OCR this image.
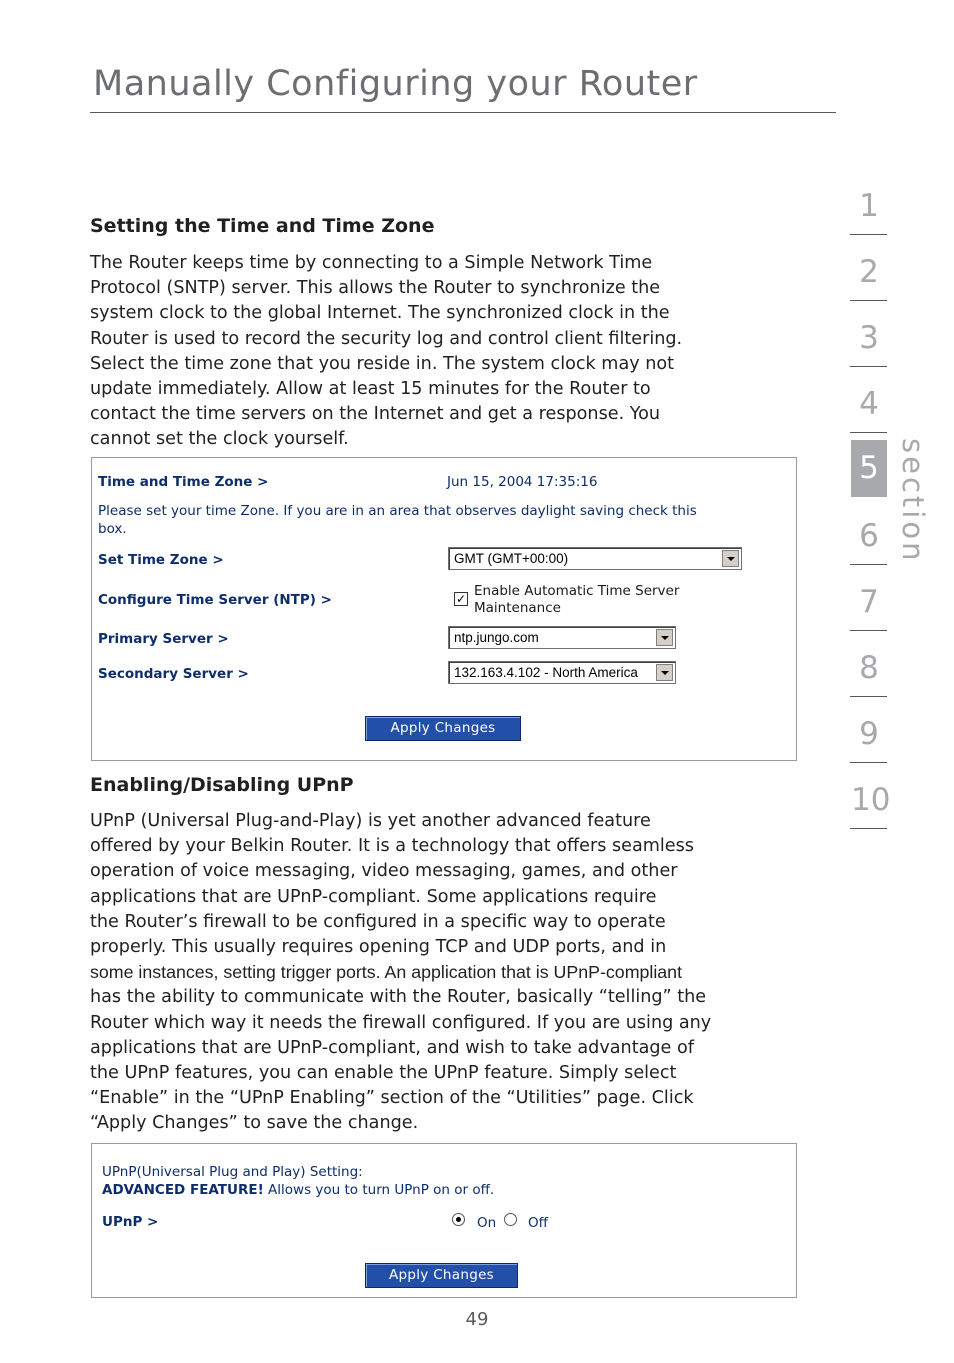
Manually Configuring your Router
Setting the Time and Time Zone
The Router keeps time by connecting to a Simple Network Time
Protocol (SNTP) server. This allows the Router to synchronize the
system clock to the global Internet. The synchronized clock in the
Router is used to record the security log and control client filtering.
Select the time zone that you reside in. The system clock may not
update immediately. Allow at least 15 minutes for the Router to
contact the time servers on the Internet and get a response. You
cannot set the clock yourself.
Time and Time Zone >	Jun 15, 2004 17:35:16
Please set your time Zone. If you are in an area that observes daylight saving check this
box.
Set Time Zone >	GMT (GMT+00:00)
Configure Time Server (NTP) >	✓ Enable Automatic Time Server
Maintenance
Primary Server >	ntp.jungo.com
Secondary Server >	132.163.4.102 - North America
Apply Changes
Enabling/Disabling UPnP
UPnP (Universal Plug-and-Play) is yet another advanced feature
offered by your Belkin Router. It is a technology that offers seamless
operation of voice messaging, video messaging, games, and other
applications that are UPnP-compliant. Some applications require
the Router’s firewall to be configured in a specific way to operate
properly. This usually requires opening TCP and UDP ports, and in
some instances, setting trigger ports. An application that is UPnP-compliant
has the ability to communicate with the Router, basically “telling” the
Router which way it needs the firewall configured. If you are using any
applications that are UPnP-compliant, and wish to take advantage of
the UPnP features, you can enable the UPnP feature. Simply select
“Enable” in the “UPnP Enabling” section of the “Utilities” page. Click
“Apply Changes” to save the change.
UPnP(Universal Plug and Play) Setting:
ADVANCED FEATURE! Allows you to turn UPnP on or off.
UPnP >	On Off
Apply Changes
1
2
3
4
5
6
7
8
9
10
section
49
